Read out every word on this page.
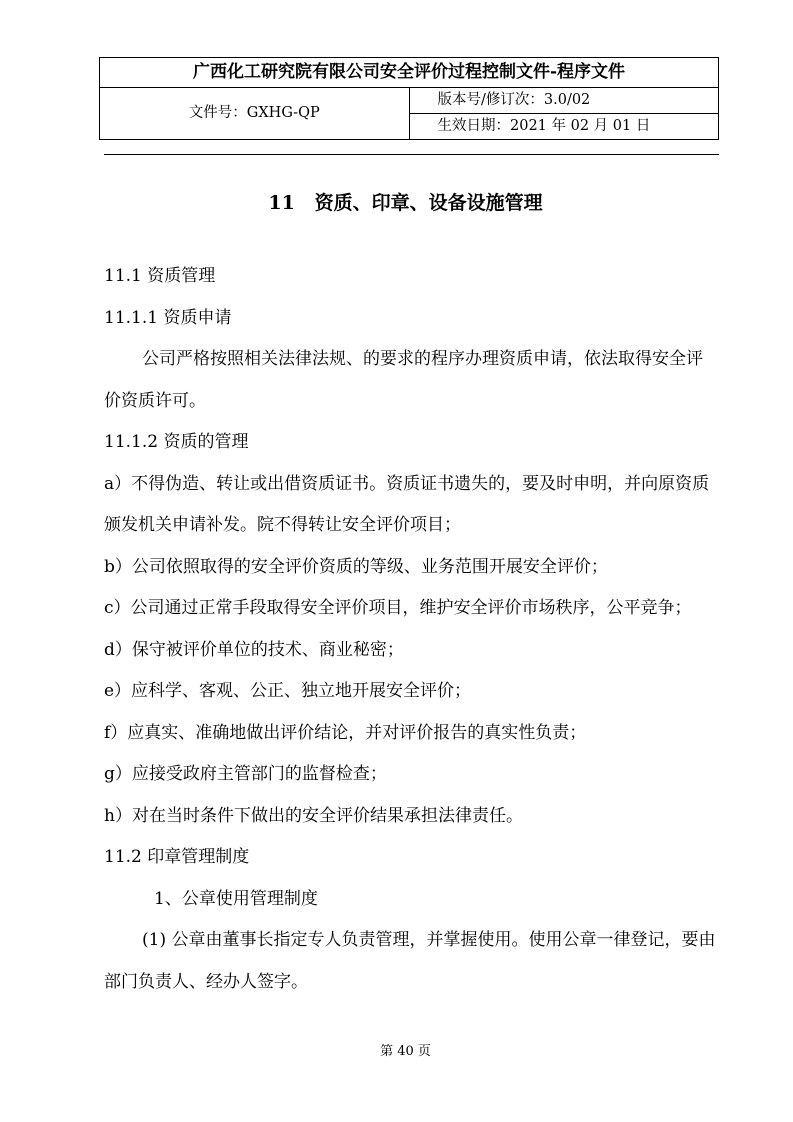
广西化工研究院有限公司安全评价过程控制文件-程序文件
文件号：GXHG-QP	版本号/修订次：3.0/02
生效日期：2021 年 02 月 01 日
11   资质、印章、设备设施管理

11.1 资质管理

11.1.1 资质申请

公司严格按照相关法律法规、的要求的程序办理资质申请，依法取得安全评价资质许可。

11.1.2 资质的管理

a）不得伪造、转让或出借资质证书。资质证书遗失的，要及时申明，并向原资质颁发机关申请补发。院不得转让安全评价项目；

b）公司依照取得的安全评价资质的等级、业务范围开展安全评价；

c）公司通过正常手段取得安全评价项目，维护安全评价市场秩序，公平竞争；

d）保守被评价单位的技术、商业秘密；

e）应科学、客观、公正、独立地开展安全评价；

f）应真实、准确地做出评价结论，并对评价报告的真实性负责；

g）应接受政府主管部门的监督检查；

h）对在当时条件下做出的安全评价结果承担法律责任。

11.2 印章管理制度

1、公章使用管理制度

(1) 公章由董事长指定专人负责管理，并掌握使用。使用公章一律登记，要由部门负责人、经办人签字。

第 40 页
